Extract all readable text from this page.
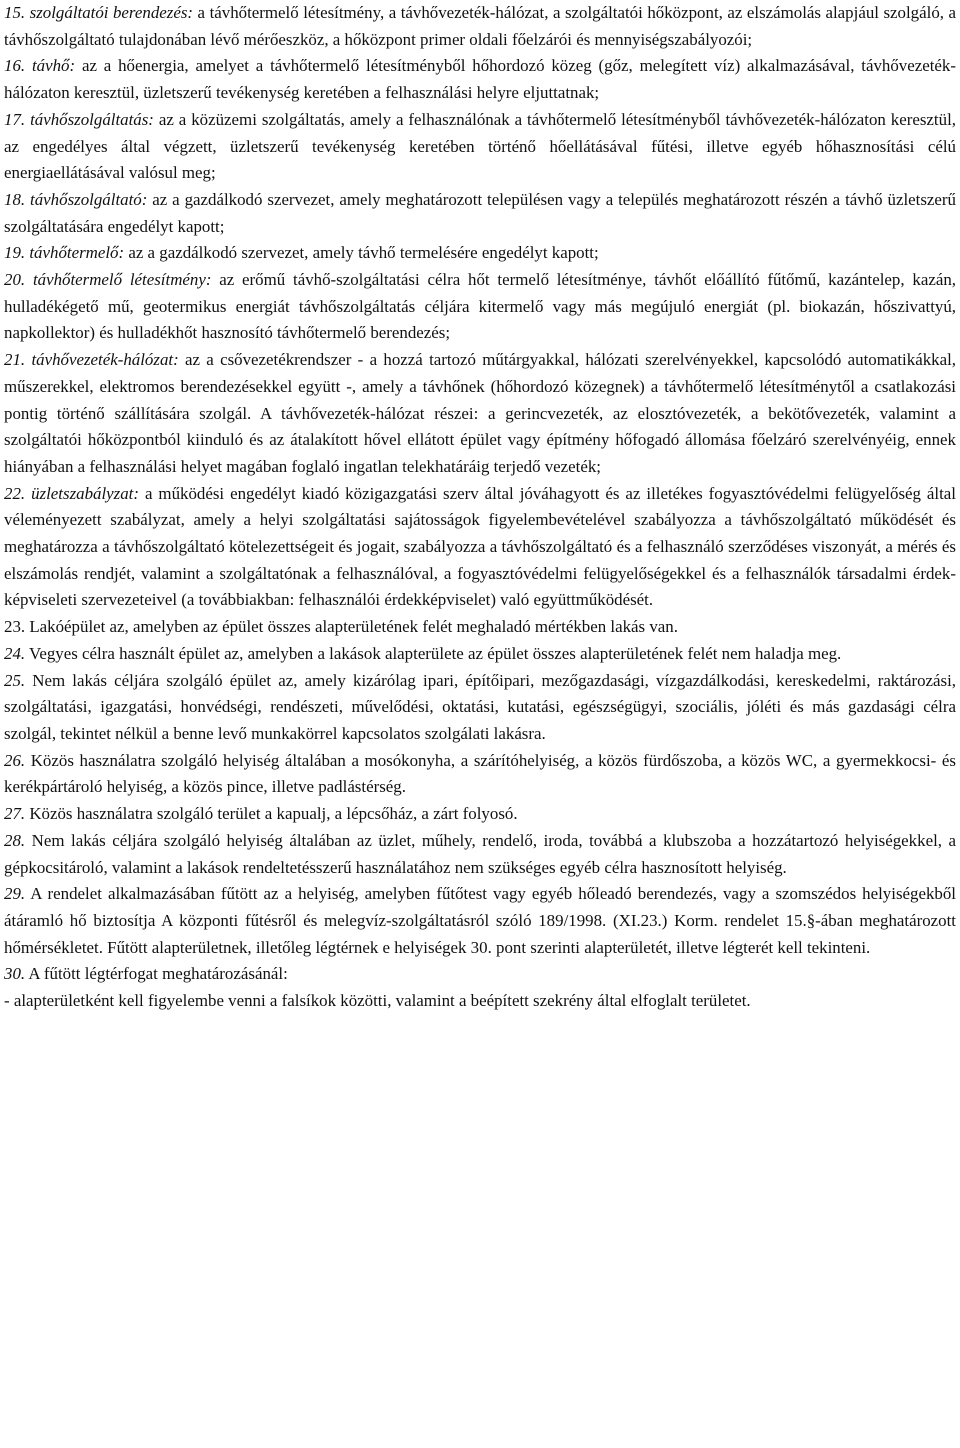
15. szolgáltatói berendezés: a távhőtermelő létesítmény, a távhővezeték-hálózat, a szolgáltatói hőközpont, az elszámolás alapjául szolgáló, a távhőszolgáltató tulajdonában lévő mérőeszköz, a hőközpont primer oldali főelzárói és mennyiségszabályozói;

16. távhő: az a hőenergia, amelyet a távhőtermelő létesítményből hőhordozó közeg (gőz, melegített víz) alkalmazásával, távhővezeték-hálózaton keresztül, üzletszerű tevékenység keretében a felhasználási helyre eljuttatnak;

17. távhőszolgáltatás: az a közüzemi szolgáltatás, amely a felhasználónak a távhőtermelő létesítményből távhővezeték-hálózaton keresztül, az engedélyes által végzett, üzletszerű tevékenység keretében történő hőellátásával fűtési, illetve egyéb hőhasznosítási célú energiaellátásával valósul meg;

18. távhőszolgáltató: az a gazdálkodó szervezet, amely meghatározott településen vagy a település meghatározott részén a távhő üzletszerű szolgáltatására engedélyt kapott;

19. távhőtermelő: az a gazdálkodó szervezet, amely távhő termelésére engedélyt kapott;

20. távhőtermelő létesítmény: az erőmű távhő-szolgáltatási célra hőt termelő létesítménye, távhőt előállító fűtőmű, kazántelep, kazán, hulladékégető mű, geotermikus energiát távhőszolgáltatás céljára kitermelő vagy más megújuló energiát (pl. biokazán, hőszivattyú, napkollektor) és hulladékhőt hasznosító távhőtermelő berendezés;

21. távhővezeték-hálózat: az a csővezetékrendszer - a hozzá tartozó műtárgyakkal, hálózati szerelvényekkel, kapcsolódó automatikákkal, műszerekkel, elektromos berendezésekkel együtt -, amely a távhőnek (hőhordozó közegnek) a távhőtermelő létesítménytől a csatlakozási pontig történő szállítására szolgál. A távhővezeték-hálózat részei: a gerincvezeték, az elosztóvezeték, a bekötővezeték, valamint a szolgáltatói hőközpontból kiinduló és az átalakított hővel ellátott épület vagy építmény hőfogadó állomása főelzáró szerelvényéig, ennek hiányában a felhasználási helyet magában foglaló ingatlan telekhatáráig terjedő vezeték;

22. üzletszabályzat: a működési engedélyt kiadó közigazgatási szerv által jóváhagyott és az illetékes fogyasztóvédelmi felügyelőség által véleményezett szabályzat, amely a helyi szolgáltatási sajátosságok figyelembevételével szabályozza a távhőszolgáltató működését és meghatározza a távhőszolgáltató kötelezettségeit és jogait, szabályozza a távhőszolgáltató és a felhasználó szerződéses viszonyát, a mérés és elszámolás rendjét, valamint a szolgáltatónak a felhasználóval, a fogyasztóvédelmi felügyelőségekkel és a felhasználók társadalmi érdek-képviseleti szervezeteivel (a továbbiakban: felhasználói érdekképviselet) való együttműködését.

23. Lakóépület az, amelyben az épület összes alapterületének felét meghaladó mértékben lakás van.

24. Vegyes célra használt épület az, amelyben a lakások alapterülete az épület összes alapterületének felét nem haladja meg.

25. Nem lakás céljára szolgáló épület az, amely kizárólag ipari, építőipari, mezőgazdasági, vízgazdálkodási, kereskedelmi, raktározási, szolgáltatási, igazgatási, honvédségi, rendészeti, művelődési, oktatási, kutatási, egészségügyi, szociális, jóléti és más gazdasági célra szolgál, tekintet nélkül a benne levő munkakörrel kapcsolatos szolgálati lakásra.

26. Közös használatra szolgáló helyiség általában a mosókonyha, a szárítóhelyiség, a közös fürdőszoba, a közös WC, a gyermekkocsi- és kerékpártároló helyiség, a közös pince, illetve padlástérség.

27. Közös használatra szolgáló terület a kapualj, a lépcsőház, a zárt folyosó.

28. Nem lakás céljára szolgáló helyiség általában az üzlet, műhely, rendelő, iroda, továbbá a klubszoba a hozzátartozó helyiségekkel, a gépkocsitároló, valamint a lakások rendeltetésszerű használatához nem szükséges egyéb célra hasznosított helyiség.

29. A rendelet alkalmazásában fűtött az a helyiség, amelyben fűtőtest vagy egyéb hőleadó berendezés, vagy a szomszédos helyiségekből átáramló hő biztosítja A központi fűtésről és melegvíz-szolgáltatásról szóló 189/1998. (XI.23.) Korm. rendelet 15.§-ában meghatározott hőmérsékletet. Fűtött alapterületnek, illetőleg légtérnek e helyiségek 30. pont szerinti alapterületét, illetve légterét kell tekinteni.

30. A fűtött légtérfogat meghatározásánál:

- alapterületként kell figyelembe venni a falsíkok közötti, valamint a beépített szekrény által elfoglalt területet.
